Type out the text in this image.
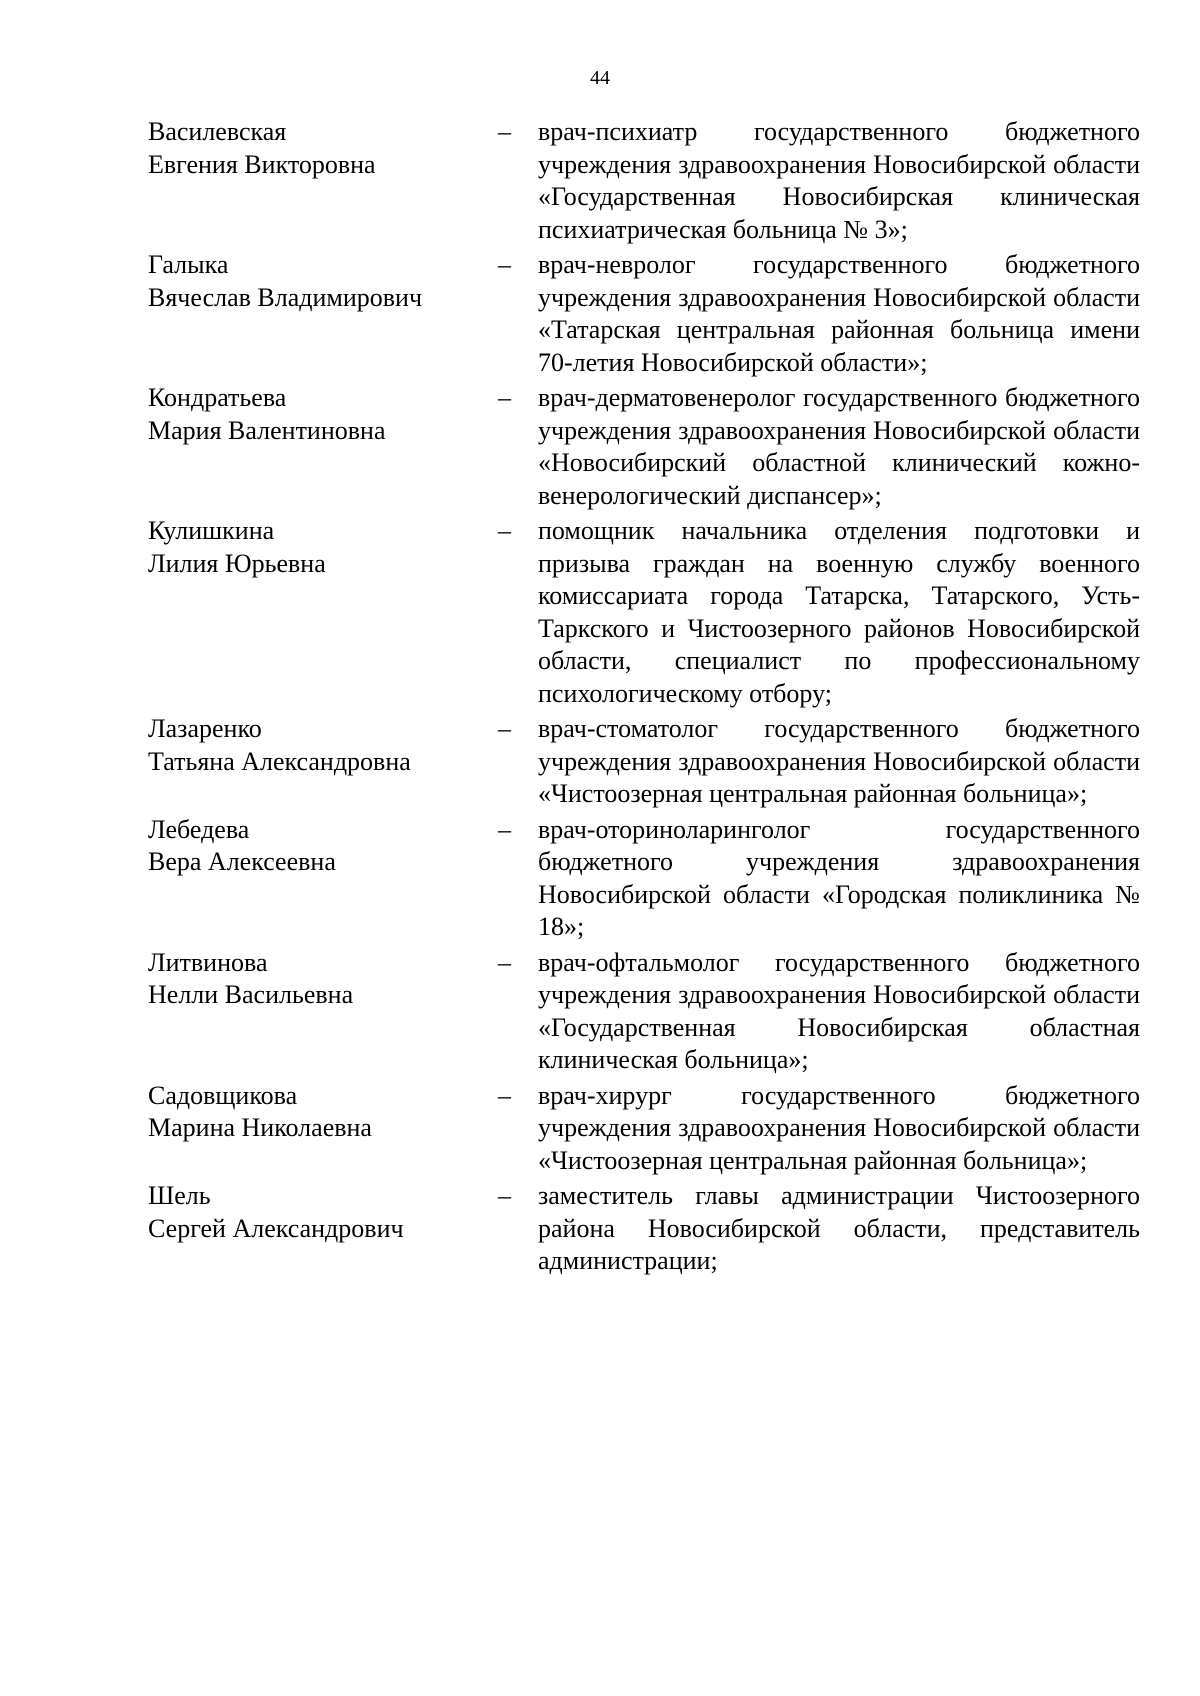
44
Василевская
Евгения Викторовна
–	врач-психиатр государственного бюджетного учреждения здравоохранения Новосибирской области «Государственная Новосибирская клиническая психиатрическая больница № 3»;
Галыка
Вячеслав Владимирович
–	врач-невролог государственного бюджетного учреждения здравоохранения Новосибирской области «Татарская центральная районная больница имени 70-летия Новосибирской области»;
Кондратьева
Мария Валентиновна
–	врач-дерматовенеролог государственного бюджетного учреждения здравоохранения Новосибирской области «Новосибирский областной клинический кожно-венерологический диспансер»;
Кулишкина
Лилия Юрьевна
–	помощник начальника отделения подготовки и призыва граждан на военную службу военного комиссариата города Татарска, Татарского, Усть-Таркского и Чистоозерного районов Новосибирской области, специалист по профессиональному психологическому отбору;
Лазаренко
Татьяна Александровна
–	врач-стоматолог государственного бюджетного учреждения здравоохранения Новосибирской области «Чистоозерная центральная районная больница»;
Лебедева
Вера Алексеевна
–	врач-оториноларинголог государственного бюджетного учреждения здравоохранения Новосибирской области «Городская поликлиника № 18»;
Литвинова
Нелли Васильевна
–	врач-офтальмолог государственного бюджетного учреждения здравоохранения Новосибирской области «Государственная Новосибирская областная клиническая больница»;
Садовщикова
Марина Николаевна
–	врач-хирург государственного бюджетного учреждения здравоохранения Новосибирской области «Чистоозерная центральная районная больница»;
Шель
Сергей Александрович
–	заместитель главы администрации Чистоозерного района Новосибирской области, представитель администрации;
